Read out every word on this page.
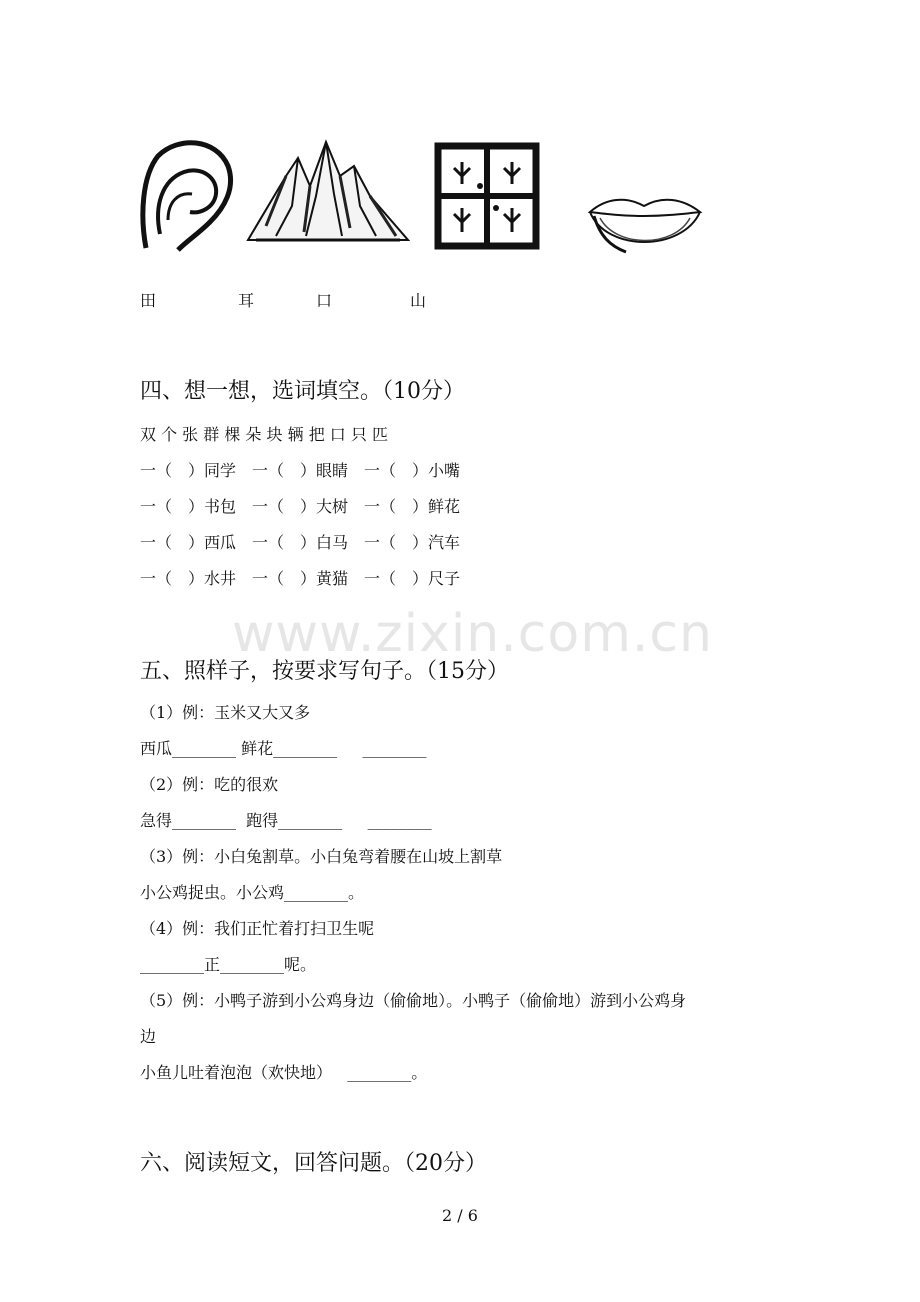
田	耳	口	山
四、想一想，选词填空。（10分）
双 个 张 群 棵 朵 块 辆 把 口 只 匹
一（　）同学　一（　）眼睛　一（　）小嘴
一（　）书包　一（　）大树　一（　）鲜花
一（　）西瓜　一（　）白马　一（　）汽车
一（　）水井　一（　）黄猫　一（　）尺子
www.zixin.com.cn
五、照样子，按要求写句子。（15分）
（1）例：玉米又大又多
西瓜________ 鲜花________     ________
（2）例：吃的很欢
急得________  跑得________     ________
（3）例：小白兔割草。小白兔弯着腰在山坡上割草
小公鸡捉虫。小公鸡________。
（4）例：我们正忙着打扫卫生呢
________正________呢。
（5）例：小鸭子游到小公鸡身边（偷偷地）。小鸭子（偷偷地）游到小公鸡身
边
小鱼儿吐着泡泡（欢快地）   ________。
六、阅读短文，回答问题。（20分）
2 / 6
